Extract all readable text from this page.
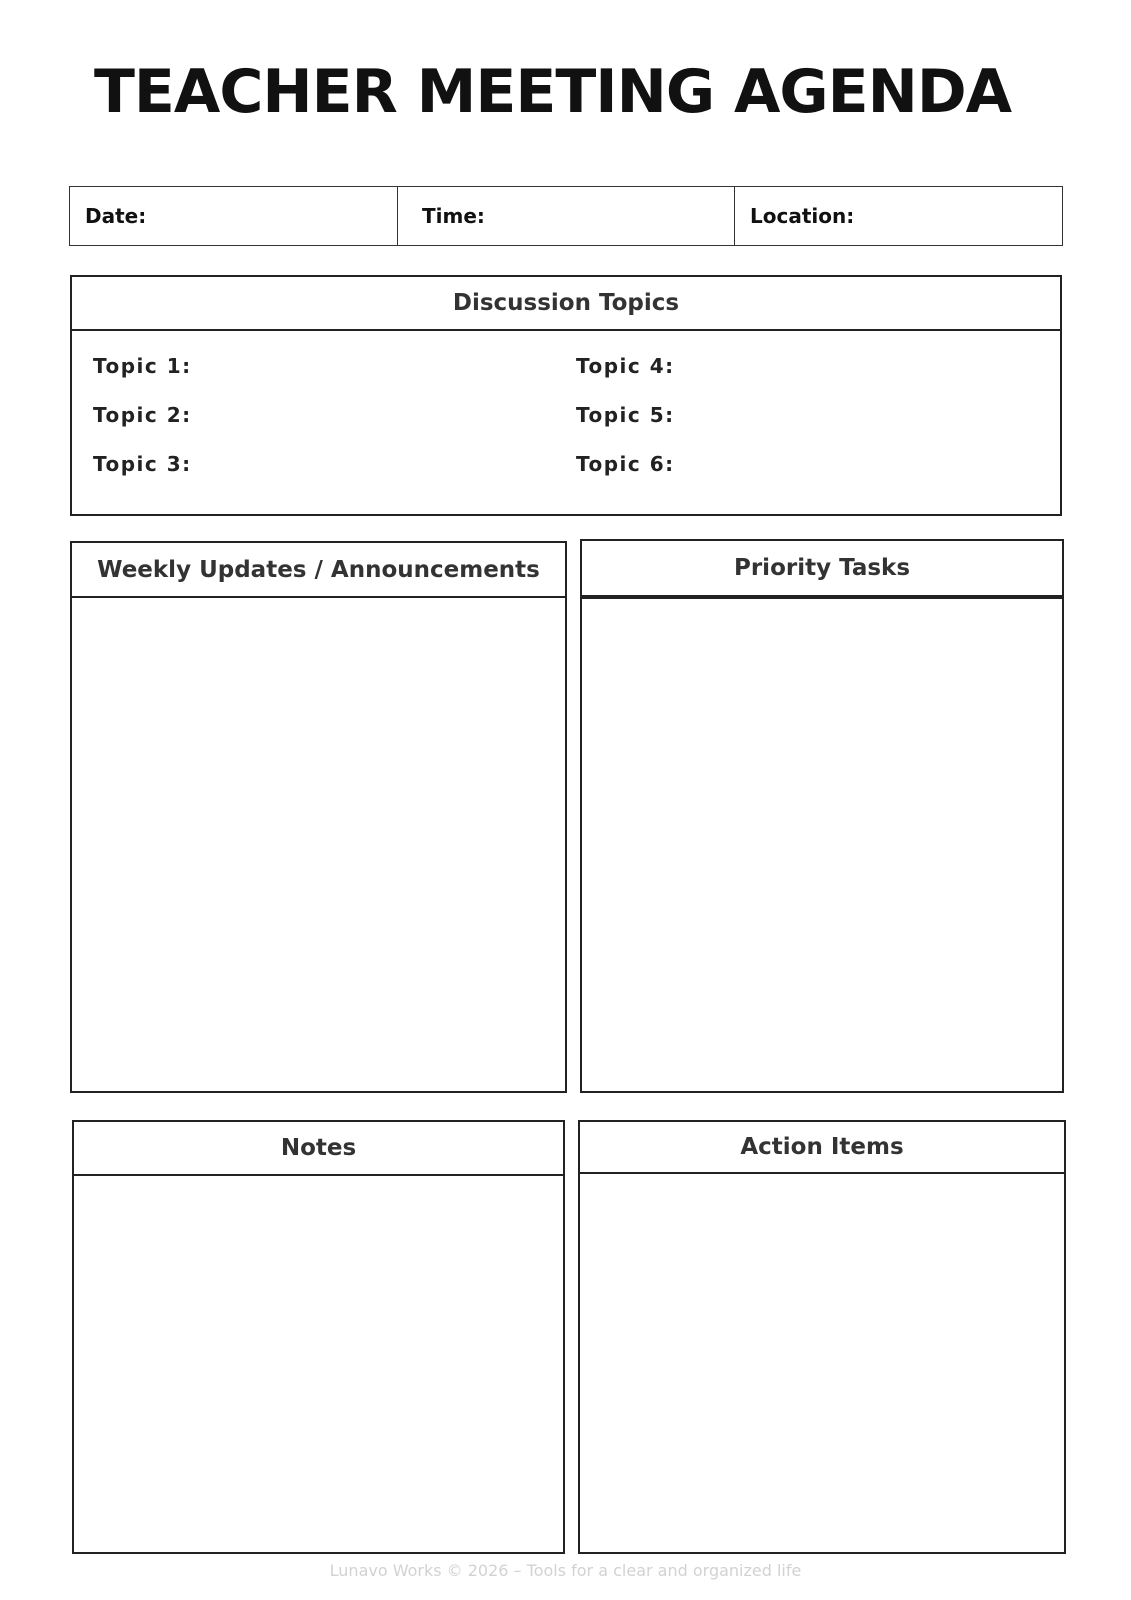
TEACHER MEETING AGENDA
Date:	Time:	Location:
Discussion Topics
Topic 1:
Topic 2:
Topic 3:
Topic 4:
Topic 5:
Topic 6:
Weekly Updates / Announcements	Priority Tasks
Notes	Action Items
Lunavo Works © 2026 – Tools for a clear and organized life
